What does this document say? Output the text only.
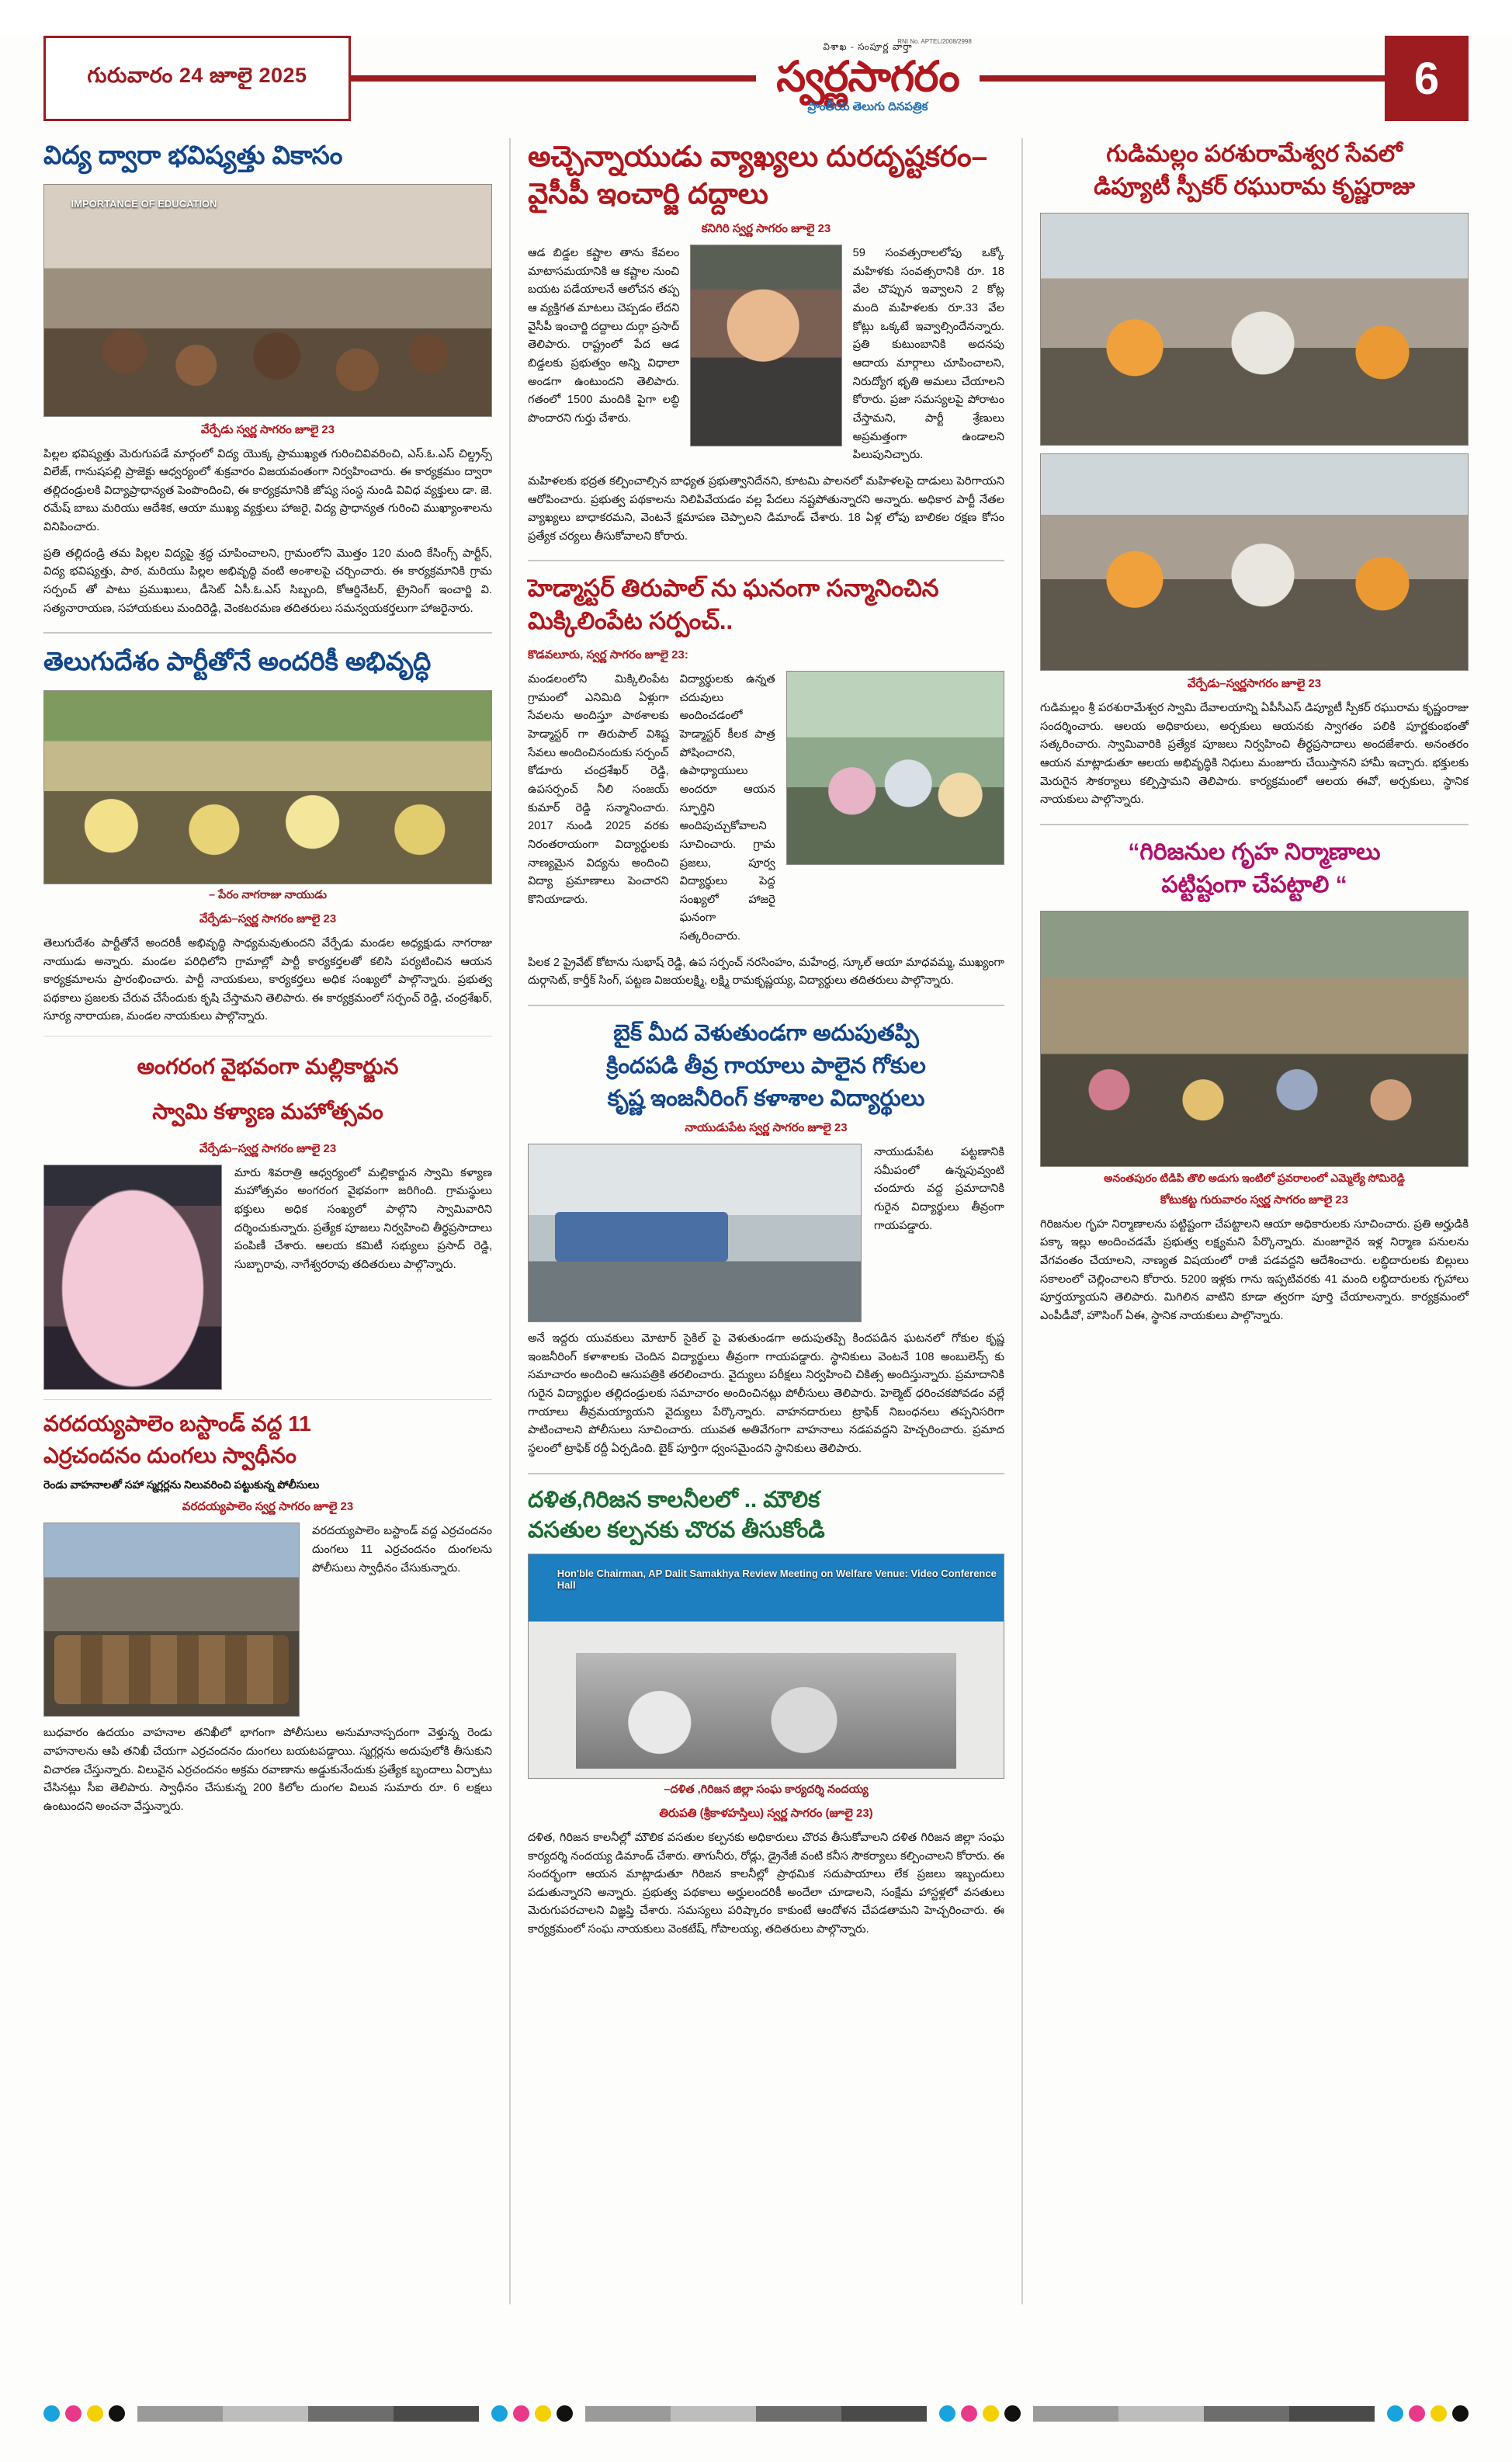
గురువారం 24 జూలై 2025
RNI No. APTEL/2008/2998
విశాఖ - సంపూర్ణ వార్తా
స్వర్ణసాగరం
ప్రాంతీయ తెలుగు దినపత్రిక
6
విద్య ద్వారా భవిష్యత్తు వికాసం
IMPORTANCE OF EDUCATION
వేర్పేడు స్వర్ణ సాగరం జూలై 23

పిల్లల భవిష్యత్తు మెరుగుపడే మార్గంలో విద్య యొక్క ప్రాముఖ్యత గురించివివరించి, ఎస్.ఓ.ఎస్ చిల్డ్రన్స్ విలేజ్, గానుషపల్లి ప్రాజెక్టు ఆధ్వర్యంలో శుక్రవారం విజయవంతంగా నిర్వహించారు. ఈ కార్యక్రమం ద్వారా తల్లిదండ్రులకి విద్యాప్రాధాన్యత పెంపొందించి, ఈ కార్యక్రమానికి జోష్య సంస్థ నుండి వివిధ వ్యక్తులు డా. జె. రమేష్ బాబు మరియు ఆదేశిక, ఆయా ముఖ్య వ్యక్తులు హాజరై, విద్య ప్రాధాన్యత గురించి ముఖ్యాంశాలను వినిపించారు.

ప్రతి తల్లిదండ్రి తమ పిల్లల విద్యపై శ్రద్ధ చూపించాలని, గ్రామంలోని మొత్తం 120 మంది కేసింగ్స్ పార్టీస్, విద్య భవిష్యత్తు, పాఠ, మరియు పిల్లల అభివృద్ధి వంటి అంశాలపై చర్చించారు. ఈ కార్యక్రమానికి గ్రామ సర్పంచ్ తో పాటు ప్రముఖులు, డీసెట్ ఏసీ.ఓ.ఎస్ సిబ్బంది, కోఆర్డినేటర్, ట్రైనింగ్ ఇంచార్జి వి. సత్యనారాయణ, సహాయకులు మందిరెడ్డి, వెంకటరమణ తదితరులు సమన్వయకర్తలుగా హాజరైనారు.

తెలుగుదేశం పార్టీతోనే అందరికీ అభివృద్ధి
– పేరం నాగరాజు నాయుడు
వేర్పేడు–స్వర్ణ సాగరం జూలై 23

తెలుగుదేశం పార్టీతోనే అందరికీ అభివృద్ధి సాధ్యమవుతుందని వేర్పేడు మండల అధ్యక్షుడు నాగరాజు నాయుడు అన్నారు. మండల పరిధిలోని గ్రామాల్లో పార్టీ కార్యకర్తలతో కలిసి పర్యటించిన ఆయన కార్యక్రమాలను ప్రారంభించారు. పార్టీ నాయకులు, కార్యకర్తలు అధిక సంఖ్యలో పాల్గొన్నారు. ప్రభుత్వ పథకాలు ప్రజలకు చేరువ చేసేందుకు కృషి చేస్తామని తెలిపారు. ఈ కార్యక్రమంలో సర్పంచ్ రెడ్డి, చంద్రశేఖర్, సూర్య నారాయణ, మండల నాయకులు పాల్గొన్నారు.

అంగరంగ వైభవంగా మల్లికార్జున
స్వామి కళ్యాణ మహోత్సవం
వేర్పేడు–స్వర్ణ సాగరం జూలై 23

మారు శివరాత్రి ఆధ్వర్యంలో మల్లికార్జున స్వామి కళ్యాణ మహోత్సవం అంగరంగ వైభవంగా జరిగింది. గ్రామస్థులు భక్తులు అధిక సంఖ్యలో పాల్గొని స్వామివారిని దర్శించుకున్నారు. ప్రత్యేక పూజలు నిర్వహించి తీర్థప్రసాదాలు పంపిణీ చేశారు. ఆలయ కమిటీ సభ్యులు ప్రసాద్ రెడ్డి, సుబ్బారావు, నాగేశ్వరరావు తదితరులు పాల్గొన్నారు.

వరదయ్యపాలెం బస్టాండ్ వద్ద 11
ఎర్రచందనం దుంగలు స్వాధీనం
రెండు వాహనాలతో సహా స్మగ్లర్లను నిలువరించి పట్టుకున్న పోలీసులు
వరదయ్యపాలెం స్వర్ణ సాగరం జూలై 23

వరదయ్యపాలెం బస్టాండ్ వద్ద ఎర్రచందనం దుంగలు 11 ఎర్రచందనం దుంగలను పోలీసులు స్వాధీనం చేసుకున్నారు.

బుధవారం ఉదయం వాహనాల తనిఖీలో భాగంగా పోలీసులు అనుమానాస్పదంగా వెళ్తున్న రెండు వాహనాలను ఆపి తనిఖీ చేయగా ఎర్రచందనం దుంగలు బయటపడ్డాయి. స్మగ్లర్లను అదుపులోకి తీసుకుని విచారణ చేస్తున్నారు. విలువైన ఎర్రచందనం అక్రమ రవాణాను అడ్డుకునేందుకు ప్రత్యేక బృందాలు ఏర్పాటు చేసినట్లు సీఐ తెలిపారు. స్వాధీనం చేసుకున్న 200 కిలోల దుంగల విలువ సుమారు రూ. 6 లక్షలు ఉంటుందని అంచనా వేస్తున్నారు.

అచ్చెన్నాయుడు వ్యాఖ్యలు దురదృష్టకరం–వైసీపీ ఇంచార్జి దద్దాలు
కనిగిరి స్వర్ణ సాగరం జూలై 23

ఆడ బిడ్డల కష్టాల తాను కేవలం మాటాసమయానికి ఆ కష్టాల నుంచి బయట పడేయాలనే ఆలోచన తప్ప ఆ వ్యక్తిగత మాటలు చెప్పడం లేదని వైసీపీ ఇంచార్జి దద్దాలు దుర్గా ప్రసాద్ తెలిపారు. రాష్ట్రంలో పేద ఆడ బిడ్డలకు ప్రభుత్వం అన్ని విధాలా అండగా ఉంటుందని తెలిపారు. గతంలో 1500 మందికి పైగా లబ్ధి పొందారని గుర్తు చేశారు.

59 సంవత్సరాలలోపు ఒక్కో మహిళకు సంవత్సరానికి రూ. 18 వేల చొప్పున ఇవ్వాలని 2 కోట్ల మంది మహిళలకు రూ.33 వేల కోట్లు ఒక్కటే ఇవ్వాల్సిందేనన్నారు. ప్రతి కుటుంబానికి అదనపు ఆదాయ మార్గాలు చూపించాలని, నిరుద్యోగ భృతి అమలు చేయాలని కోరారు. ప్రజా సమస్యలపై పోరాటం చేస్తామని, పార్టీ శ్రేణులు అప్రమత్తంగా ఉండాలని పిలుపునిచ్చారు.

మహిళలకు భద్రత కల్పించాల్సిన బాధ్యత ప్రభుత్వానిదేనని, కూటమి పాలనలో మహిళలపై దాడులు పెరిగాయని ఆరోపించారు. ప్రభుత్వ పథకాలను నిలిపివేయడం వల్ల పేదలు నష్టపోతున్నారని అన్నారు. అధికార పార్టీ నేతల వ్యాఖ్యలు బాధాకరమని, వెంటనే క్షమాపణ చెప్పాలని డిమాండ్ చేశారు. 18 ఏళ్ల లోపు బాలికల రక్షణ కోసం ప్రత్యేక చర్యలు తీసుకోవాలని కోరారు.

హెడ్మాస్టర్ తిరుపాల్ ను ఘనంగా సన్మానించిన మిక్కిలింపేట సర్పంచ్..
కొడవలూరు, స్వర్ణ సాగరం జూలై 23:

మండలంలోని మిక్కిలింపేట గ్రామంలో ఎనిమిది ఏళ్లుగా సేవలను అందిస్తూ పాఠశాలకు హెడ్మాస్టర్ గా తిరుపాల్ విశిష్ట సేవలు అందించినందుకు సర్పంచ్ కోడూరు చంద్రశేఖర్ రెడ్డి, ఉపసర్పంచ్ నీలి సంజయ్ కుమార్ రెడ్డి సన్మానించారు. 2017 నుండి 2025 వరకు నిరంతరాయంగా విద్యార్థులకు నాణ్యమైన విద్యను అందించి విద్యా ప్రమాణాలు పెంచారని కొనియాడారు.

విద్యార్థులకు ఉన్నత చదువులు అందించడంలో హెడ్మాస్టర్ కీలక పాత్ర పోషించారని, ఉపాధ్యాయులు అందరూ ఆయన స్ఫూర్తిని అందిపుచ్చుకోవాలని సూచించారు. గ్రామ ప్రజలు, పూర్వ విద్యార్థులు పెద్ద సంఖ్యలో హాజరై ఘనంగా సత్కరించారు.

పిలక 2 ప్రైవేట్ కోటాను సుభాష్ రెడ్డి, ఉప సర్పంచ్ నరసింహం, మహేంద్ర, స్కూల్ ఆయా మాధవమ్మ, ముఖ్యంగా దుర్గాసెట్, కార్తీక్ సింగ్, పట్టణ విజయలక్ష్మి, లక్ష్మి రామకృష్ణయ్య, విద్యార్థులు తదితరులు పాల్గొన్నారు.

బైక్ మీద వెళుతుండగా అదుపుతప్పి
క్రిందపడి తీవ్ర గాయాలు పాలైన గోకుల
కృష్ణ ఇంజనీరింగ్ కళాశాల విద్యార్థులు
నాయుడుపేట స్వర్ణ సాగరం జూలై 23

నాయుడుపేట పట్టణానికి సమీపంలో ఉన్నపువ్వంటి చందూరు వద్ద ప్రమాదానికి గురైన విద్యార్థులు తీవ్రంగా గాయపడ్డారు.

అనే ఇద్దరు యువకులు మోటార్ సైకిల్ పై వెళుతుండగా అదుపుతప్పి కిందపడిన ఘటనలో గోకుల కృష్ణ ఇంజనీరింగ్ కళాశాలకు చెందిన విద్యార్థులు తీవ్రంగా గాయపడ్డారు. స్థానికులు వెంటనే 108 అంబులెన్స్ కు సమాచారం అందించి ఆసుపత్రికి తరలించారు. వైద్యులు పరీక్షలు నిర్వహించి చికిత్స అందిస్తున్నారు. ప్రమాదానికి గురైన విద్యార్థుల తల్లిదండ్రులకు సమాచారం అందించినట్లు పోలీసులు తెలిపారు. హెల్మెట్ ధరించకపోవడం వల్లే గాయాలు తీవ్రమయ్యాయని వైద్యులు పేర్కొన్నారు. వాహనదారులు ట్రాఫిక్ నిబంధనలు తప్పనిసరిగా పాటించాలని పోలీసులు సూచించారు. యువత అతివేగంగా వాహనాలు నడపవద్దని హెచ్చరించారు. ప్రమాద స్థలంలో ట్రాఫిక్ రద్దీ ఏర్పడింది. బైక్ పూర్తిగా ధ్వంసమైందని స్థానికులు తెలిపారు.

దళిత,గిరిజన కాలనీలలో .. మౌలిక
వసతుల కల్పనకు చొరవ తీసుకోండి
Hon'ble Chairman, AP Dalit Samakhya Review Meeting on Welfare Venue: Video Conference Hall
–దళిత ,గిరిజన జిల్లా సంఘ కార్యదర్శి నందయ్య
తిరుపతి (శ్రీకాళహస్తిలు) స్వర్ణ సాగరం (జూలై 23)

దళిత, గిరిజన కాలనీల్లో మౌలిక వసతుల కల్పనకు అధికారులు చొరవ తీసుకోవాలని దళిత గిరిజన జిల్లా సంఘ కార్యదర్శి నందయ్య డిమాండ్ చేశారు. తాగునీరు, రోడ్లు, డ్రైనేజీ వంటి కనీస సౌకర్యాలు కల్పించాలని కోరారు. ఈ సందర్భంగా ఆయన మాట్లాడుతూ గిరిజన కాలనీల్లో ప్రాథమిక సదుపాయాలు లేక ప్రజలు ఇబ్బందులు పడుతున్నారని అన్నారు. ప్రభుత్వ పథకాలు అర్హులందరికీ అందేలా చూడాలని, సంక్షేమ హాస్టళ్లలో వసతులు మెరుగుపరచాలని విజ్ఞప్తి చేశారు. సమస్యలు పరిష్కారం కాకుంటే ఆందోళన చేపడతామని హెచ్చరించారు. ఈ కార్యక్రమంలో సంఘ నాయకులు వెంకటేష్, గోపాలయ్య, తదితరులు పాల్గొన్నారు.

గుడిమల్లం పరశురామేశ్వర సేవలో
డిప్యూటీ స్పీకర్ రఘురామ కృష్ణరాజు
వేర్పేడు–స్వర్ణసాగరం జూలై 23

గుడిమల్లం శ్రీ పరశురామేశ్వర స్వామి దేవాలయాన్ని ఏపీసీఎస్ డిప్యూటీ స్పీకర్ రఘురామ కృష్ణంరాజు సందర్శించారు. ఆలయ అధికారులు, అర్చకులు ఆయనకు స్వాగతం పలికి పూర్ణకుంభంతో సత్కరించారు. స్వామివారికి ప్రత్యేక పూజలు నిర్వహించి తీర్థప్రసాదాలు అందజేశారు. అనంతరం ఆయన మాట్లాడుతూ ఆలయ అభివృద్ధికి నిధులు మంజూరు చేయిస్తానని హామీ ఇచ్చారు. భక్తులకు మెరుగైన సౌకర్యాలు కల్పిస్తామని తెలిపారు. కార్యక్రమంలో ఆలయ ఈవో, అర్చకులు, స్థానిక నాయకులు పాల్గొన్నారు.

“గిరిజనుల గృహ నిర్మాణాలు
పట్టిష్టంగా చేపట్టాలి “
అనంతపురం టిడిపి తొలి అడుగు ఇంటిలో ప్రవరాలంలో ఎమ్మెల్యే సోమిరెడ్డి
కోటుకట్ట గురువారం స్వర్ణ సాగరం జూలై 23

గిరిజనుల గృహ నిర్మాణాలను పట్టిష్టంగా చేపట్టాలని ఆయా అధికారులకు సూచించారు. ప్రతి అర్హుడికి పక్కా ఇల్లు అందించడమే ప్రభుత్వ లక్ష్యమని పేర్కొన్నారు. మంజూరైన ఇళ్ల నిర్మాణ పనులను వేగవంతం చేయాలని, నాణ్యత విషయంలో రాజీ పడవద్దని ఆదేశించారు. లబ్ధిదారులకు బిల్లులు సకాలంలో చెల్లించాలని కోరారు. 5200 ఇళ్లకు గాను ఇప్పటివరకు 41 మంది లబ్ధిదారులకు గృహాలు పూర్తయ్యాయని తెలిపారు. మిగిలిన వాటిని కూడా త్వరగా పూర్తి చేయాలన్నారు. కార్యక్రమంలో ఎంపీడీవో, హౌసింగ్ ఏఈ, స్థానిక నాయకులు పాల్గొన్నారు.
